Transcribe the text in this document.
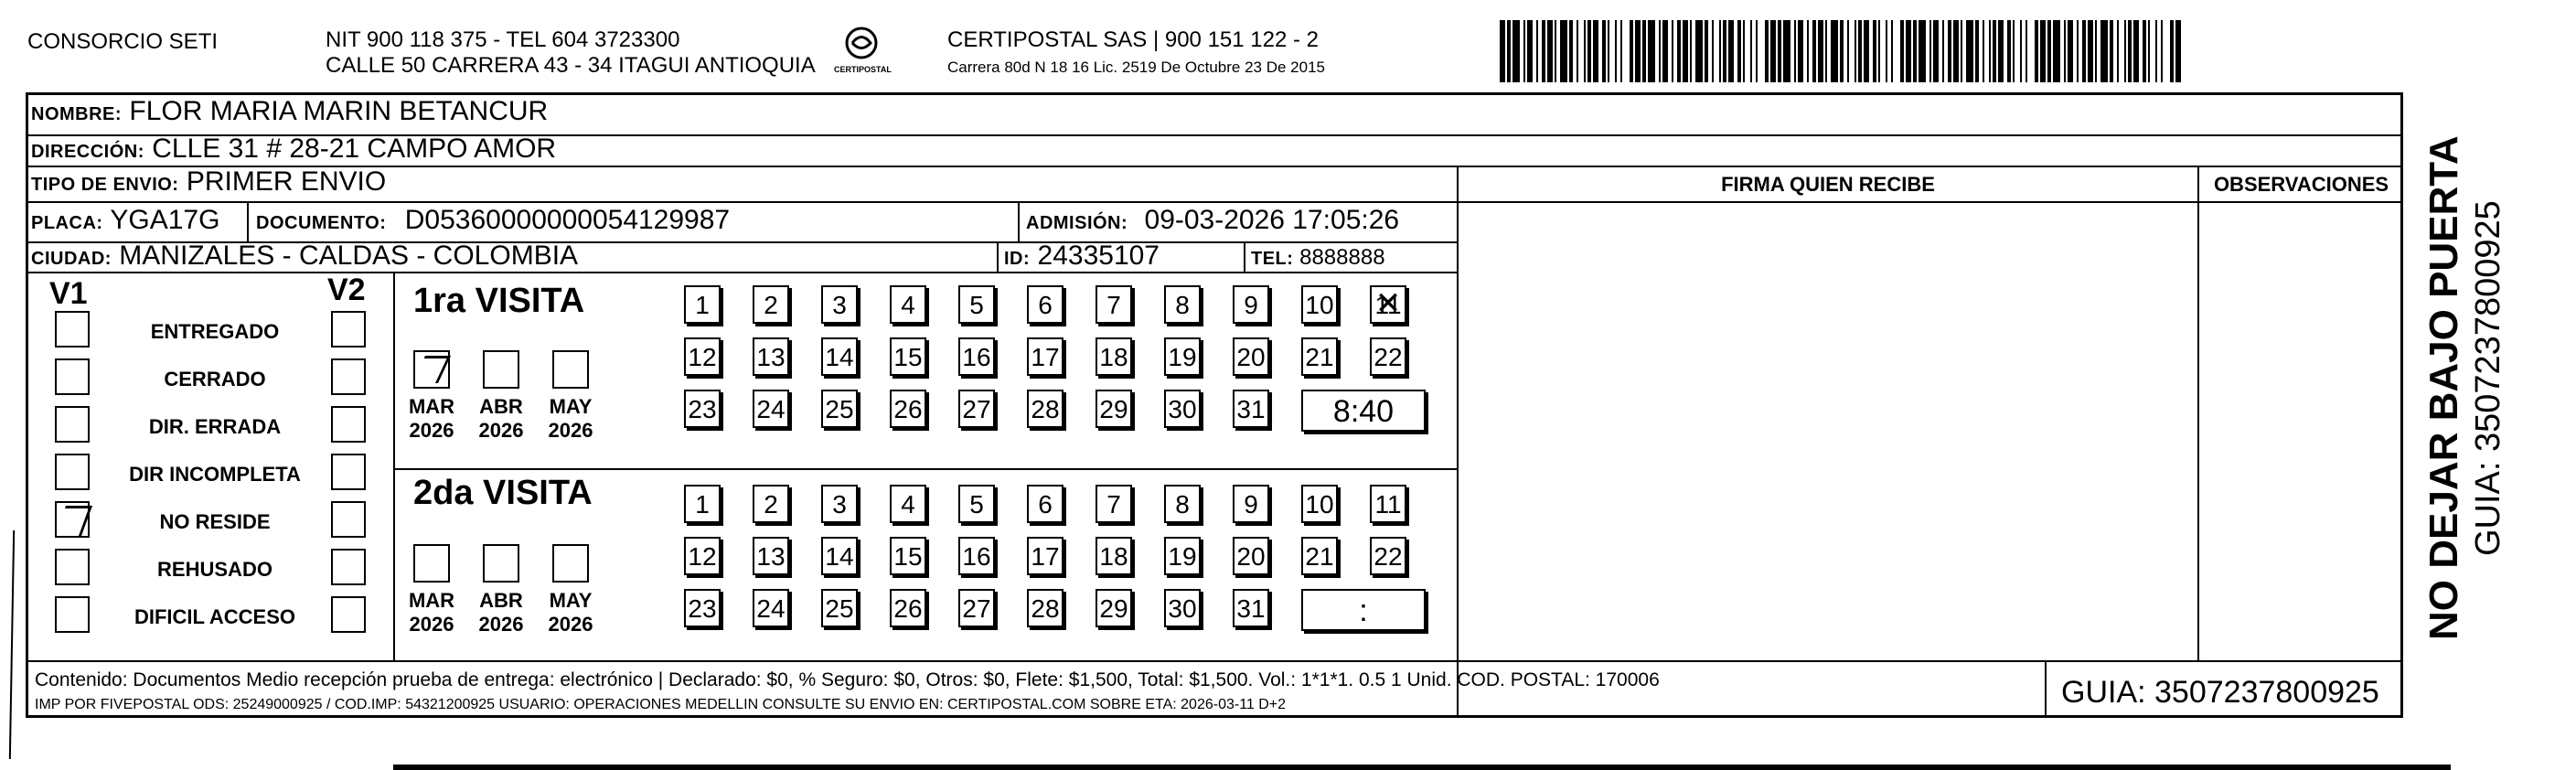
CONSORCIO SETI	NIT 900 118 375 - TEL 604 3723300
CALLE 50 CARRERA 43 - 34 ITAGUI ANTIOQUIA CERTIPOSTAL
CERTIPOSTAL SAS | 900 151 122 - 2
Carrera 80d N 18 16 Lic. 2519 De Octubre 23 De 2015
NOMBRE: FLOR MARIA MARIN BETANCUR
DIRECCIÓN: CLLE 31 # 28-21 CAMPO AMOR
TIPO DE ENVIO: PRIMER ENVIO
PLACA: YGA17G DOCUMENTO: D05360000000054129987	ADMISIÓN: 09-03-2026 17:05:26
CIUDAD: MANIZALES - CALDAS - COLOMBIA	ID: 24335107	TEL: 8888888
FIRMA QUIEN RECIBE	OBSERVACIONES
V1	V2 1ra VISITA
2da VISITA
Contenido: Documentos Medio recepción prueba de entrega: electrónico | Declarado: $0, % Seguro: $0, Otros: $0, Flete: $1,500, Total: $1,500. Vol.: 1*1*1. 0.5 1 Unid. COD. POSTAL: 170006
IMP POR FIVEPOSTAL ODS: 25249000925 / COD.IMP: 54321200925 USUARIO: OPERACIONES MEDELLIN CONSULTE SU ENVIO EN: CERTIPOSTAL.COM SOBRE ETA: 2026-03-11 D+2	GUIA: 3507237800925
NO DEJAR BAJO PUERTA GUIA: 3507237800925
ENTREGADO
CERRADO
DIR. ERRADA
DIR INCOMPLETA
NO RESIDE
REHUSADO
DIFICIL ACCESO
MAR
2026
ABR
2026
MAY
2026
MAR
2026
ABR
2026
MAY
2026
1	2	3	4	5	6	7	8	9	10 11 ✕
12 13 14 15 16 17 18 19 20 21 22
23 24 25 26 27 28 29 30 31	8:40
1	2	3	4	5	6	7	8	9	10 11
12 13 14 15 16 17 18 19 20 21 22
23 24 25 26 27 28 29 30 31	:
